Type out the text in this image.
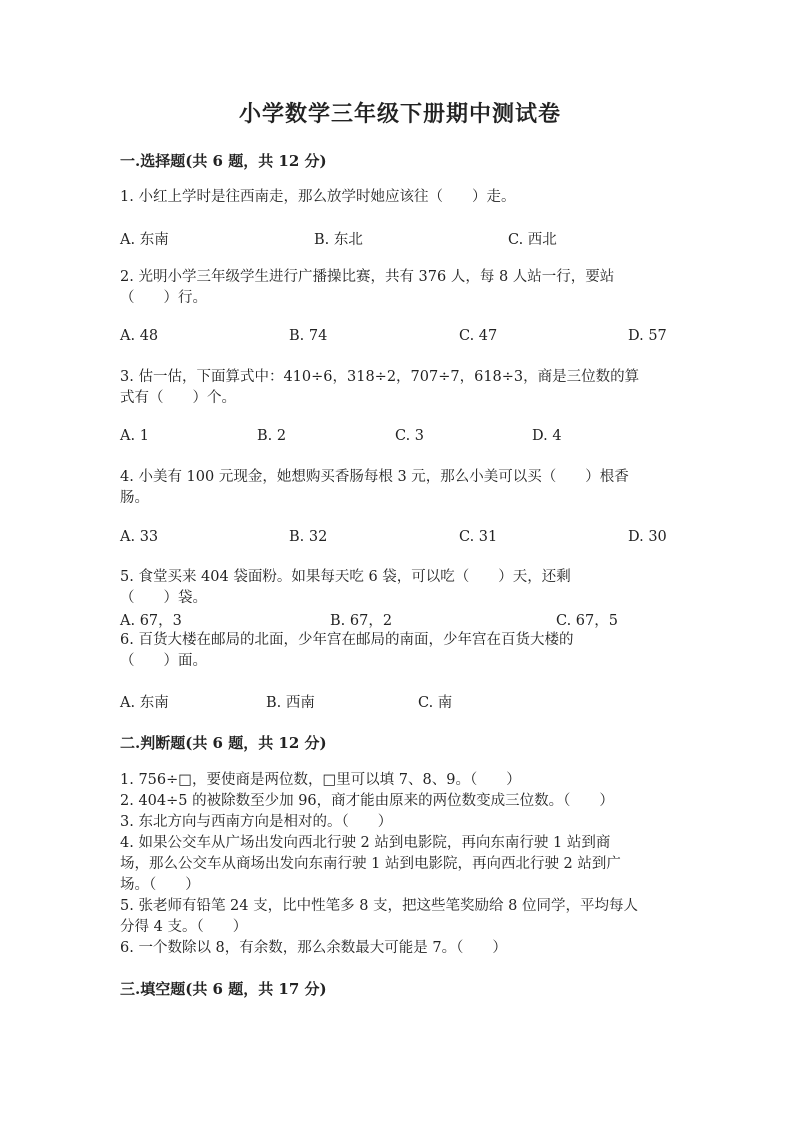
小学数学三年级下册期中测试卷
一.选择题(共 6 题，共 12 分)
1. 小红上学时是往西南走，那么放学时她应该往（　　）走。
A. 东南	B. 东北	C. 西北
2. 光明小学三年级学生进行广播操比赛，共有 376 人，每 8 人站一行，要站
（　　）行。
A. 48	B. 74	C. 47	D. 57
3. 估一估，下面算式中：410÷6，318÷2，707÷7，618÷3，商是三位数的算
式有（　　）个。
A. 1	B. 2	C. 3	D. 4
4. 小美有 100 元现金，她想购买香肠每根 3 元，那么小美可以买（　　）根香
肠。
A. 33	B. 32	C. 31	D. 30
5. 食堂买来 404 袋面粉。如果每天吃 6 袋，可以吃（　　）天，还剩
（　　）袋。
A. 67，3	B. 67，2	C. 67，5
6. 百货大楼在邮局的北面，少年宫在邮局的南面，少年宫在百货大楼的
（　　）面。
A. 东南	B. 西南	C. 南
二.判断题(共 6 题，共 12 分)
1. 756÷□，要使商是两位数，□里可以填 7、8、9。（　　）
2. 404÷5 的被除数至少加 96，商才能由原来的两位数变成三位数。（　　）
3. 东北方向与西南方向是相对的。（　　）
4. 如果公交车从广场出发向西北行驶 2 站到电影院，再向东南行驶 1 站到商
场，那么公交车从商场出发向东南行驶 1 站到电影院，再向西北行驶 2 站到广
场。（　　）
5. 张老师有铅笔 24 支，比中性笔多 8 支，把这些笔奖励给 8 位同学，平均每人
分得 4 支。（　　）
6. 一个数除以 8，有余数，那么余数最大可能是 7。（　　）
三.填空题(共 6 题，共 17 分)
